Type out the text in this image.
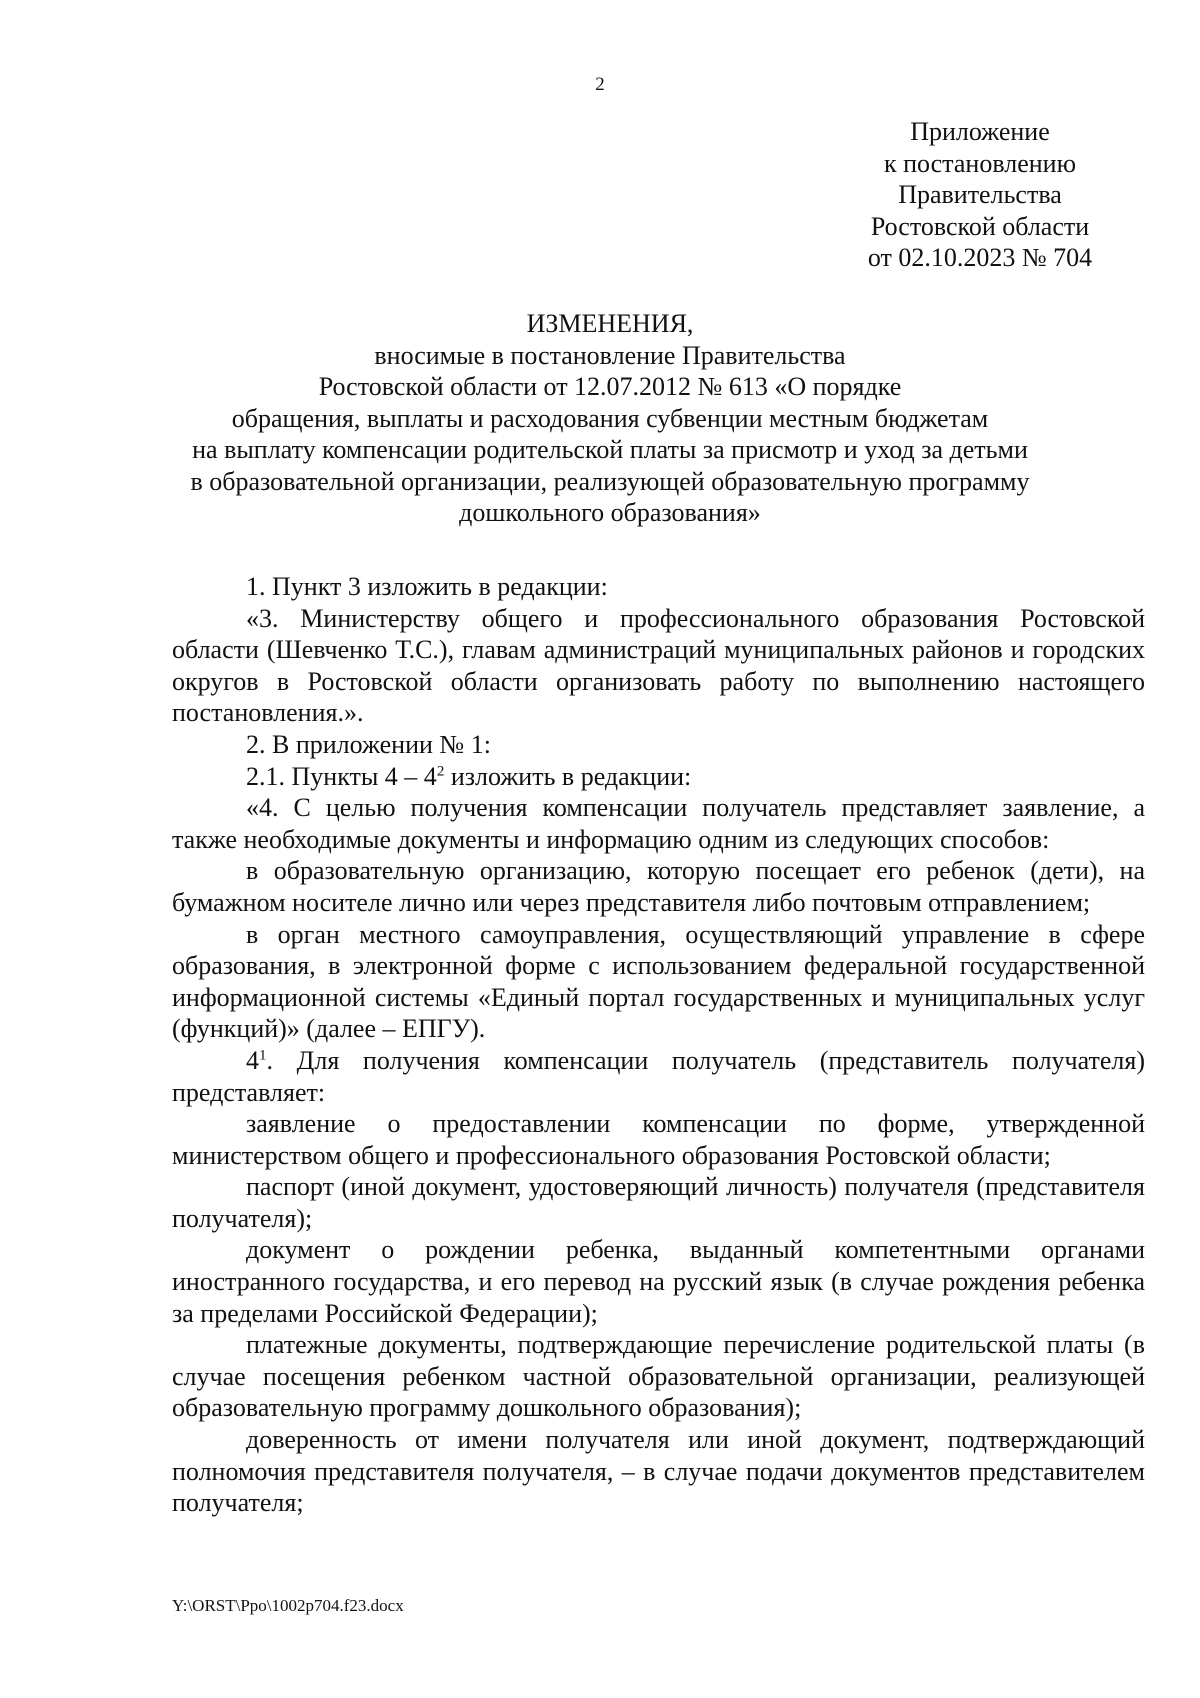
2
Приложение
к постановлению
Правительства
Ростовской области
от 02.10.2023 № 704
ИЗМЕНЕНИЯ,
вносимые в постановление Правительства
Ростовской области от 12.07.2012 № 613 «О порядке
обращения, выплаты и расходования субвенции местным бюджетам
на выплату компенсации родительской платы за присмотр и уход за детьми
в образовательной организации, реализующей образовательную программу
дошкольного образования»

1. Пункт 3 изложить в редакции:

«3. Министерству общего и профессионального образования Ростовской области (Шевченко Т.С.), главам администраций муниципальных районов и городских округов в Ростовской области организовать работу по выполнению настоящего постановления.».

2. В приложении № 1:

2.1. Пункты $4 - 4^2$ изложить в редакции:

«4. С целью получения компенсации получатель представляет заявление, а также необходимые документы и информацию одним из следующих способов:

в образовательную организацию, которую посещает его ребенок (дети), на бумажном носителе лично или через представителя либо почтовым отправлением;

в орган местного самоуправления, осуществляющий управление в сфере образования, в электронной форме с использованием федеральной государственной информационной системы «Единый портал государственных и муниципальных услуг (функций)» (далее – ЕПГУ).

$4^1$. Для получения компенсации получатель (представитель получателя) представляет:

заявление о предоставлении компенсации по форме, утвержденной министерством общего и профессионального образования Ростовской области;

паспорт (иной документ, удостоверяющий личность) получателя (представителя получателя);

документ о рождении ребенка, выданный компетентными органами иностранного государства, и его перевод на русский язык (в случае рождения ребенка за пределами Российской Федерации);

платежные документы, подтверждающие перечисление родительской платы (в случае посещения ребенком частной образовательной организации, реализующей образовательную программу дошкольного образования);

доверенность от имени получателя или иной документ, подтверждающий полномочия представителя получателя, – в случае подачи документов представителем получателя;

Y:\ORST\Ppo\1002p704.f23.docx
